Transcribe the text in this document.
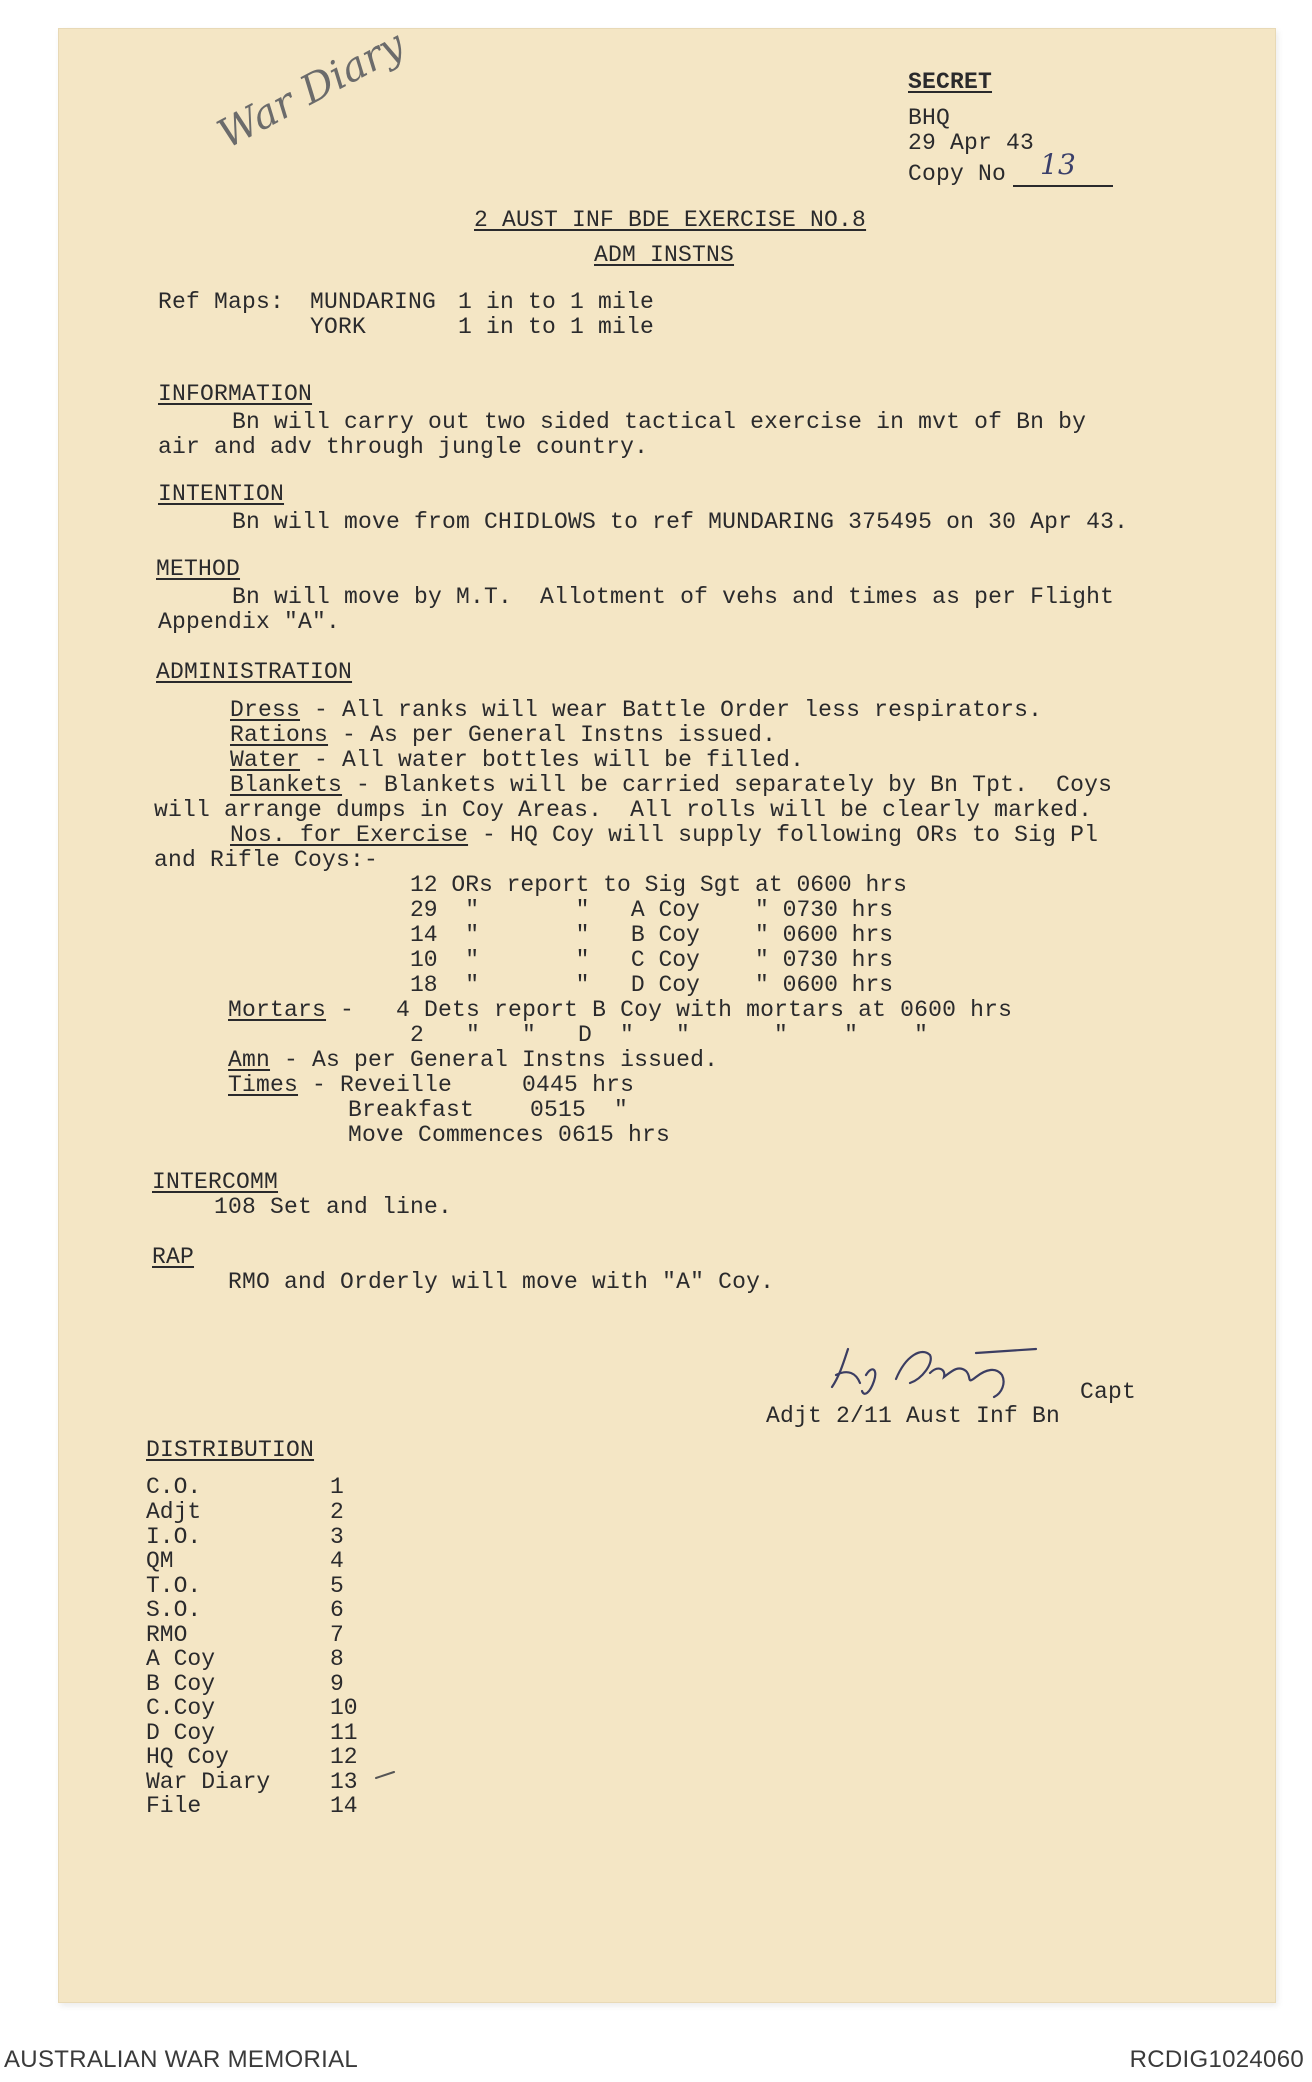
SECRET
BHQ
29 Apr 43
Copy No 13
War Diary
2 AUST INF BDE EXERCISE NO.8
ADM INSTNS
Ref Maps: MUNDARING 1 in to 1 mile
YORK	1 in to 1 mile
INFORMATION
Bn will carry out two sided tactical exercise in mvt of Bn by
air and adv through jungle country.
INTENTION
Bn will move from CHIDLOWS to ref MUNDARING 375495 on 30 Apr 43.
METHOD
Bn will move by M.T.  Allotment of vehs and times as per Flight
Appendix "A".
ADMINISTRATION
Dress - All ranks will wear Battle Order less respirators.
Rations - As per General Instns issued.
Water - All water bottles will be filled.
Blankets - Blankets will be carried separately by Bn Tpt.  Coys
will arrange dumps in Coy Areas.  All rolls will be clearly marked.
Nos. for Exercise - HQ Coy will supply following ORs to Sig Pl
and Rifle Coys:-
12 ORs report to Sig Sgt at 0600 hrs
29  "       "   A Coy    " 0730 hrs
14  "       "   B Coy    " 0600 hrs
10  "       "   C Coy    " 0730 hrs
18  "       "   D Coy    " 0600 hrs
Mortars -   4 Dets report B Coy with mortars at 0600 hrs
2   "   "   D  "   "      "    "    "
Amn - As per General Instns issued.
Times - Reveille     0445 hrs
Breakfast    0515  "
Move Commences 0615 hrs
INTERCOMM
108 Set and line.
RAP
RMO and Orderly will move with "A" Coy.
Capt
Adjt 2/11 Aust Inf Bn
DISTRIBUTION
C.O.	1
Adjt	2
I.O.	3
QM	4
T.O.	5
S.O.	6
RMO	7
A Coy	8
B Coy	9
C.Coy	10
D Coy	11
HQ Coy	12
War Diary	13
File	14
AUSTRALIAN WAR MEMORIAL	RCDIG1024060
